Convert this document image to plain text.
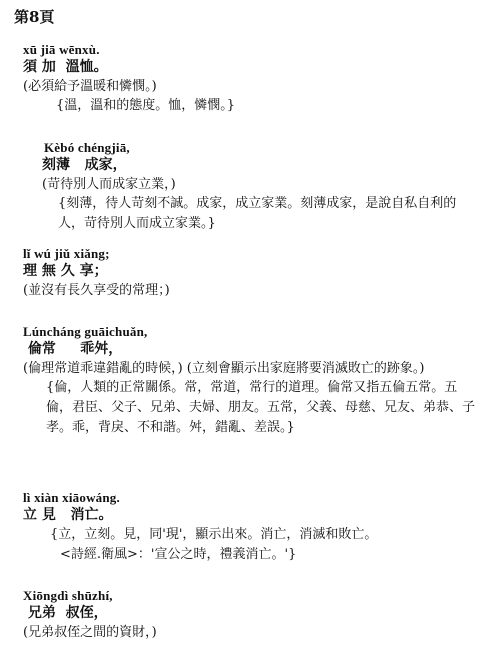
第8頁
xū jiā wēnxù.
須 加  溫恤。
(必須給予溫暖和憐憫。)
{溫，溫和的態度。恤，憐憫。}
Kèbó chéngjiā,
刻薄   成家，
(苛待別人而成家立業，)
{刻薄，待人苛刻不誠。成家，成立家業。刻薄成家，是說自私自利的人，苛待別人而成立家業。}
lǐ wú jiǔ xiǎng;
理 無 久 享；
(並沒有長久享受的常理；)
Lúncháng guāichuǎn,
倫常     乖舛，
(倫理常道乖違錯亂的時候，) (立刻會顯示出家庭將要消滅敗亡的跡象。)
{倫，人類的正常關係。常，常道，常行的道理。倫常又指五倫五常。五倫，君臣、父子、兄弟、夫婦、朋友。五常，父義、母慈、兄友、弟恭、子孝。乖，背戾、不和諧。舛，錯亂、差誤。}
lì xiàn xiāowáng.
立 見   消亡。
{立，立刻。見，同'現'，顯示出來。消亡，消滅和敗亡。
<詩經.衛風>：'宣公之時，禮義消亡。'}
Xiōngdì shūzhí,
兄弟  叔侄，
(兄弟叔侄之間的資財，)
